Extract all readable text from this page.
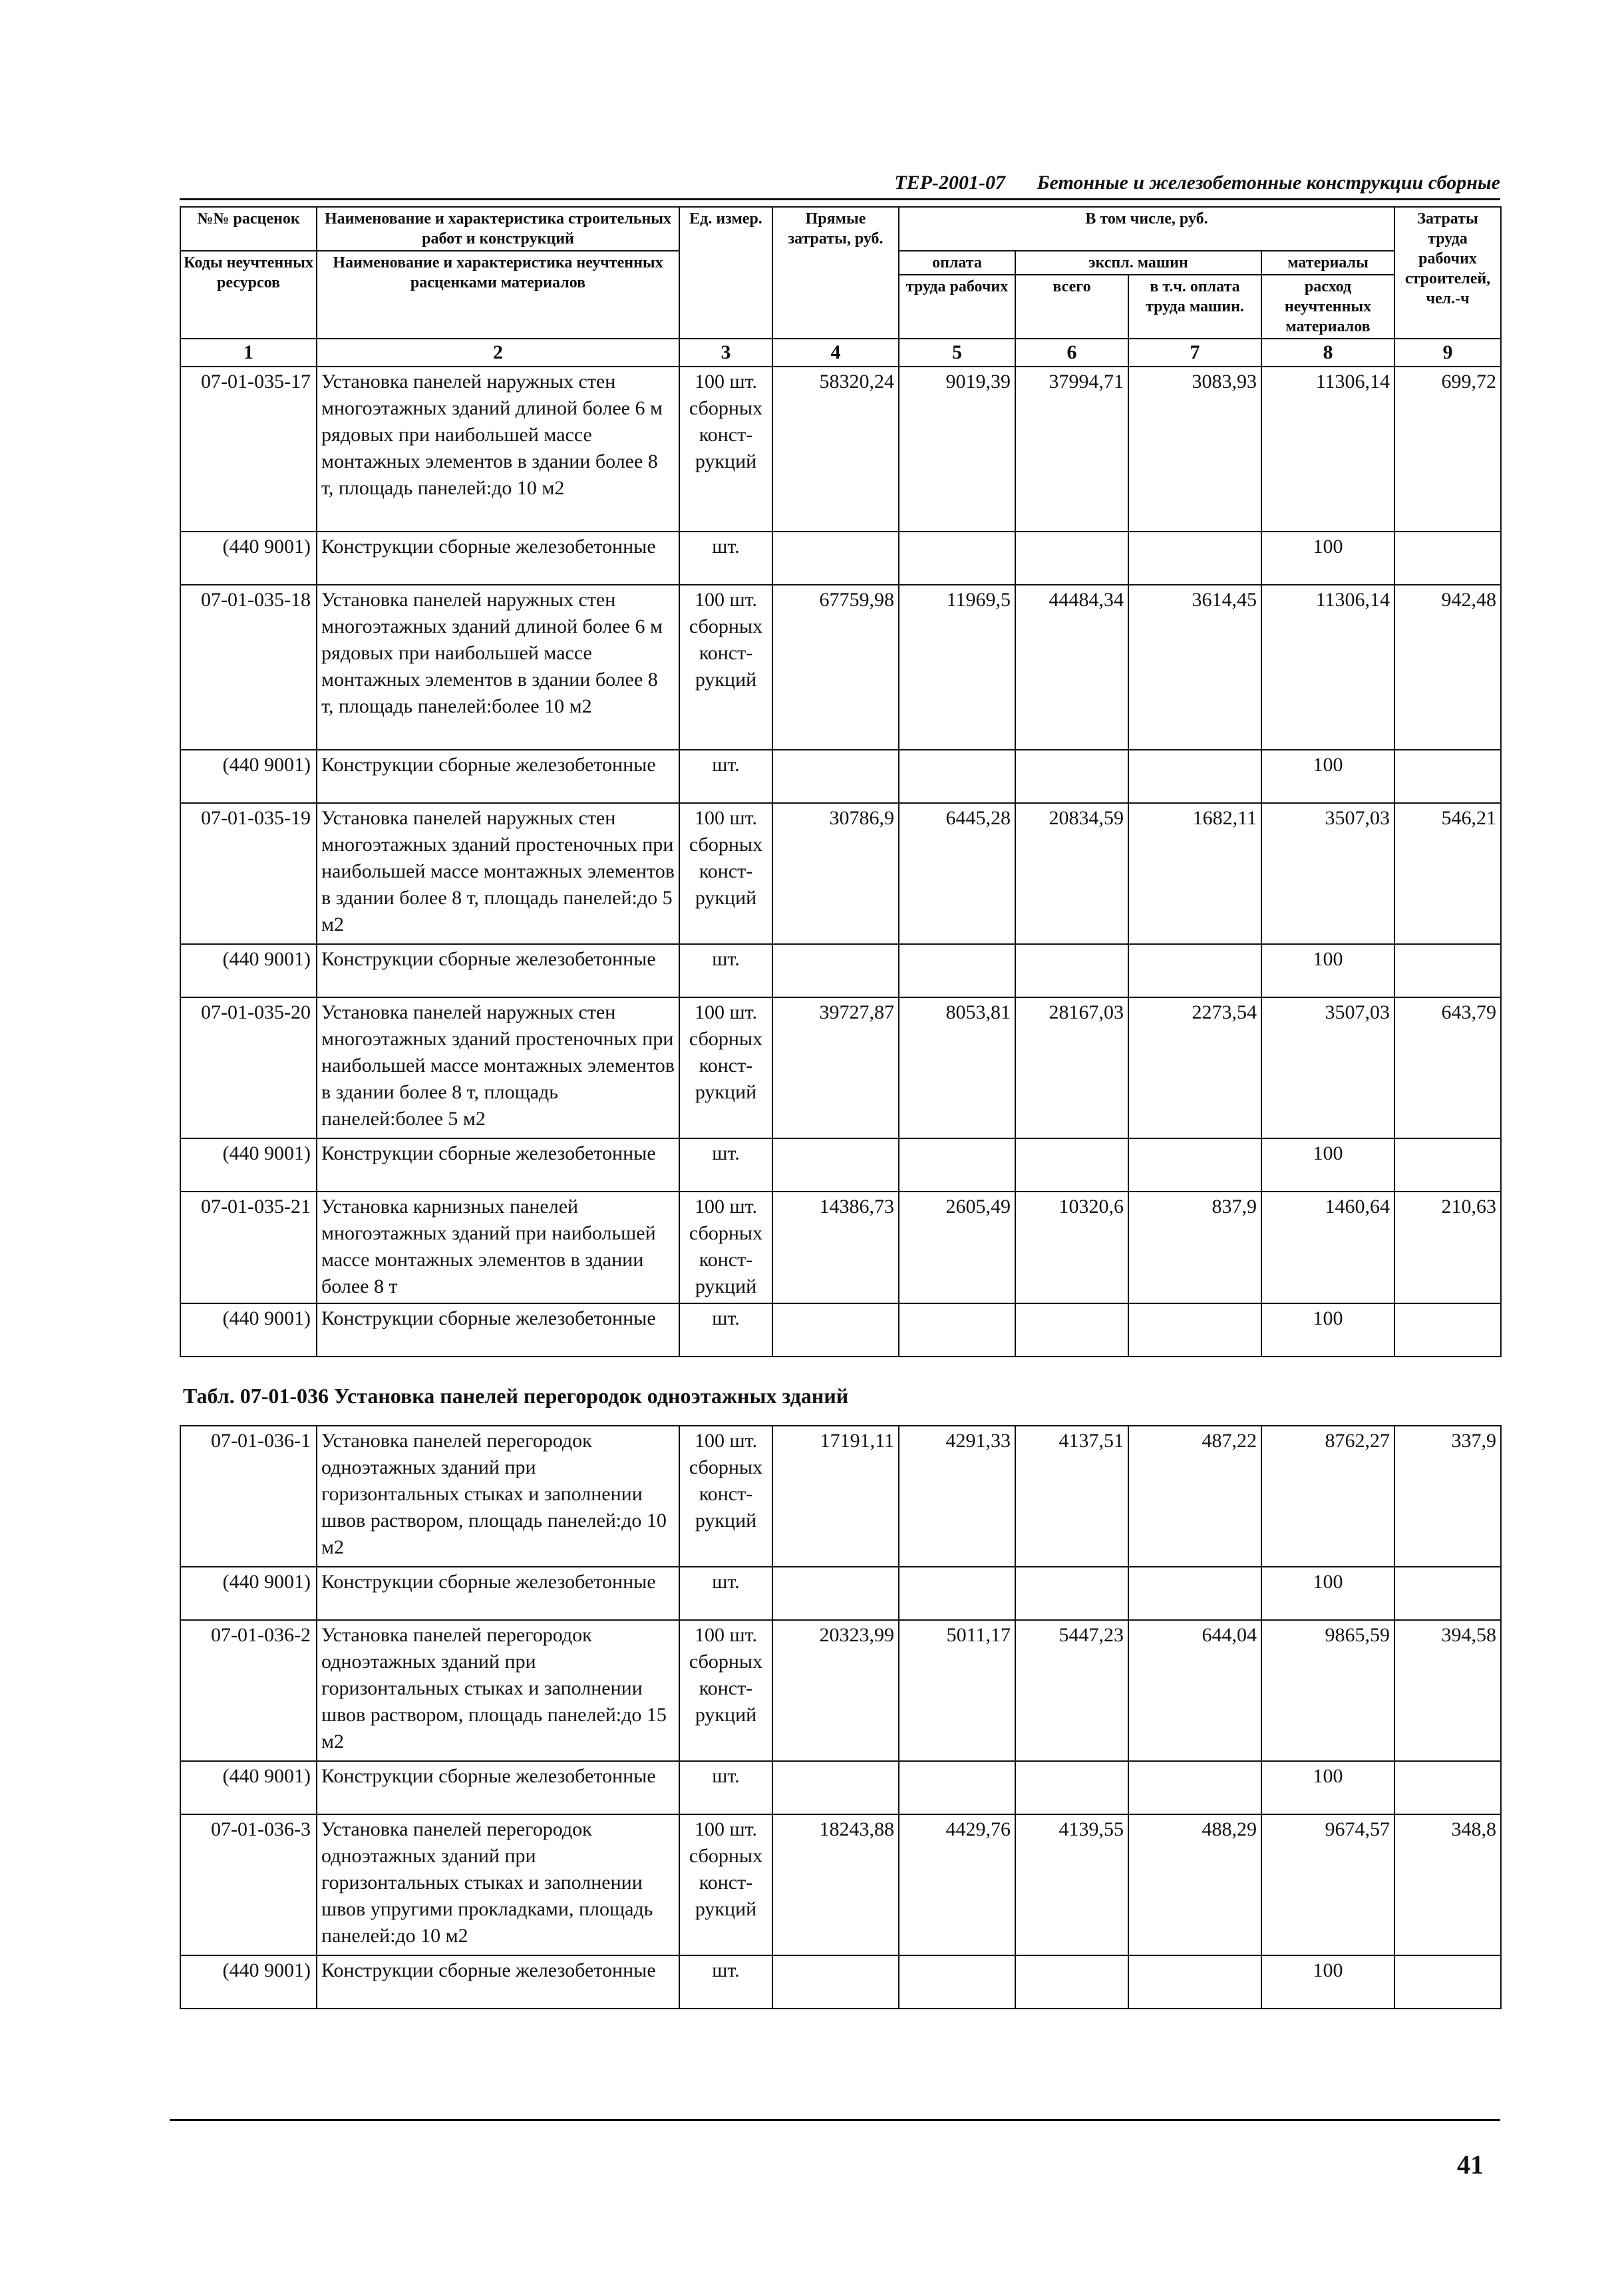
ТЕР-2001-07 Бетонные и железобетонные конструкции сборные
№№ расценок	Наименование и характеристика строительных работ и конструкций	Ед. измер.	Прямые затраты, руб.	В том числе, руб.				Затраты труда рабочих строителей, чел.-ч
Коды неучтенных ресурсов	Наименование и характеристика неучтенных расценками материалов			оплата	экспл. машин		материалы	
				труда рабочих	всего	в т.ч. оплата труда машин.	расход неучтенных материалов	
1	2	3	4	5	6	7	8	9
07-01-035-17	Установка панелей наружных стен многоэтажных зданий длиной более 6 м рядовых при наибольшей массе монтажных элементов в здании более 8 т, площадь панелей:до 10 м2	100 шт. сборных конст-рукций	58320,24	9019,39	37994,71	3083,93	11306,14	699,72
(440 9001)	Конструкции сборные железобетонные	шт.					100	
07-01-035-18	Установка панелей наружных стен многоэтажных зданий длиной более 6 м рядовых при наибольшей массе монтажных элементов в здании более 8 т, площадь панелей:более 10 м2	100 шт. сборных конст-рукций	67759,98	11969,5	44484,34	3614,45	11306,14	942,48
(440 9001)	Конструкции сборные железобетонные	шт.					100	
07-01-035-19	Установка панелей наружных стен многоэтажных зданий простеночных при наибольшей массе монтажных элементов в здании более 8 т, площадь панелей:до 5 м2	100 шт. сборных конст-рукций	30786,9	6445,28	20834,59	1682,11	3507,03	546,21
(440 9001)	Конструкции сборные железобетонные	шт.					100	
07-01-035-20	Установка панелей наружных стен многоэтажных зданий простеночных при наибольшей массе монтажных элементов в здании более 8 т, площадь панелей:более 5 м2	100 шт. сборных конст-рукций	39727,87	8053,81	28167,03	2273,54	3507,03	643,79
(440 9001)	Конструкции сборные железобетонные	шт.					100	
07-01-035-21	Установка карнизных панелей многоэтажных зданий при наибольшей массе монтажных элементов в здании более 8 т	100 шт. сборных конст-рукций	14386,73	2605,49	10320,6	837,9	1460,64	210,63
(440 9001)	Конструкции сборные железобетонные	шт.					100	
Табл. 07-01-036 Установка панелей перегородок одноэтажных зданий
07-01-036-1	Установка панелей перегородок одноэтажных зданий при горизонтальных стыках и заполнении швов раствором, площадь панелей:до 10 м2	100 шт. сборных конст-рукций	17191,11	4291,33	4137,51	487,22	8762,27	337,9
(440 9001)	Конструкции сборные железобетонные	шт.					100	
07-01-036-2	Установка панелей перегородок одноэтажных зданий при горизонтальных стыках и заполнении швов раствором, площадь панелей:до 15 м2	100 шт. сборных конст-рукций	20323,99	5011,17	5447,23	644,04	9865,59	394,58
(440 9001)	Конструкции сборные железобетонные	шт.					100	
07-01-036-3	Установка панелей перегородок одноэтажных зданий при горизонтальных стыках и заполнении швов упругими прокладками, площадь панелей:до 10 м2	100 шт. сборных конст-рукций	18243,88	4429,76	4139,55	488,29	9674,57	348,8
(440 9001)	Конструкции сборные железобетонные	шт.					100	
41
